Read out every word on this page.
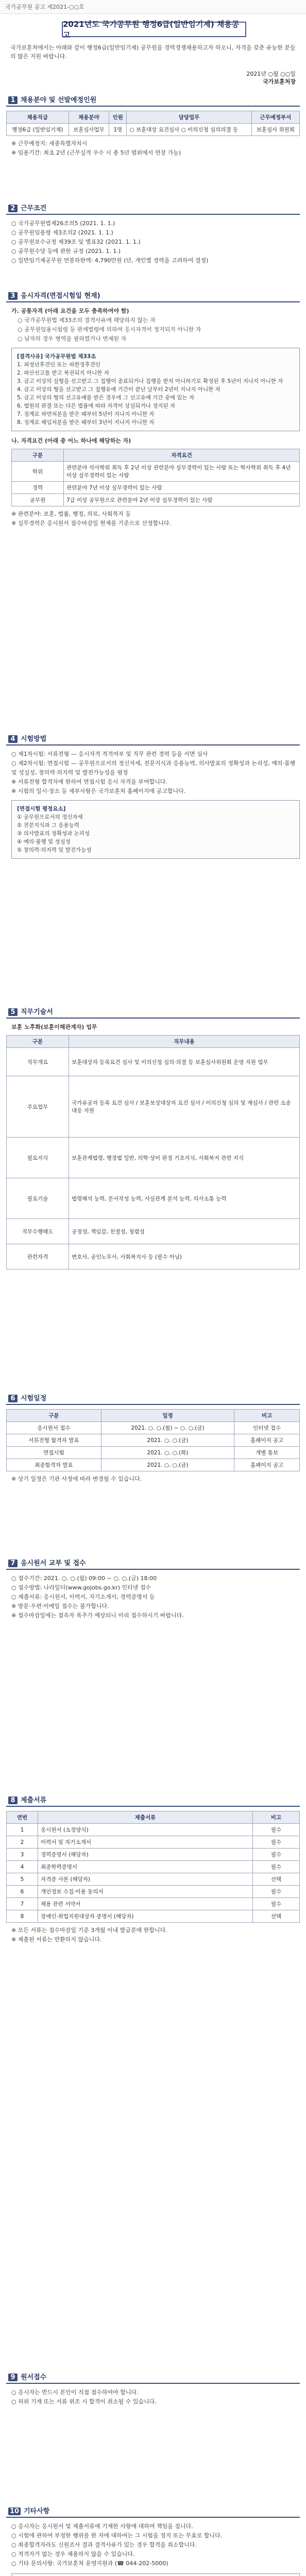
국가공무원 공고 제2021-○○호
2021년도 국가공무원 행정6급(일반임기제) 채용공고
국가보훈처에서는 아래와 같이 행정6급(일반임기제) 공무원을 경력경쟁채용하고자 하오니, 자격을 갖춘 유능한 분들의 많은 지원 바랍니다.
2021년 ○월 ○○일
국가보훈처장
1 채용분야 및 선발예정인원
채용직급	채용분야	인원	담당업무	근무예정부서
행정6급 (일반임기제)	보훈심사업무	1명	○ 보훈대상 요건심사 ○ 이의신청 심의의결 등	보훈심사 위원회
※ 근무예정지: 세종특별자치시
※ 임용기간: 최초 2년 (근무실적 우수 시 총 5년 범위에서 연장 가능)
2 근무조건
○ 국가공무원법제26조의5 (2021. 1. 1.)
○ 공무원임용령 제3조의2 (2021. 1. 1.)
○ 공무원보수규정 제39조 및 별표32 (2021. 1. 1.)
○ 공무원수당 등에 관한 규정 (2021. 1. 1.)
○ 일반임기제공무원 연봉하한액: 4,790만원 (단, 개인별 경력을 고려하여 결정)
3 응시자격(면접시험일 현재)
가. 공통자격 (아래 요건을 모두 충족하여야 함)
○ 국가공무원법 제33조의 결격사유에 해당하지 않는 자
○ 공무원임용시험령 등 관계법령에 의하여 응시자격이 정지되지 아니한 자
○ 남자의 경우 병역을 필하였거나 면제된 자
[결격사유] 국가공무원법 제33조
1. 피성년후견인 또는 피한정후견인
2. 파산선고를 받고 복권되지 아니한 자
3. 금고 이상의 실형을 선고받고 그 집행이 종료되거나 집행을 받지 아니하기로 확정된 후 5년이 지나지 아니한 자
4. 금고 이상의 형을 선고받고 그 집행유예 기간이 끝난 날부터 2년이 지나지 아니한 자
5. 금고 이상의 형의 선고유예를 받은 경우에 그 선고유예 기간 중에 있는 자
6. 법원의 판결 또는 다른 법률에 따라 자격이 상실되거나 정지된 자
7. 징계로 파면처분을 받은 때부터 5년이 지나지 아니한 자
8. 징계로 해임처분을 받은 때부터 3년이 지나지 아니한 자
나. 자격요건 (아래 중 어느 하나에 해당하는 자)
구분	자격요건
학위	관련분야 석사학위 취득 후 2년 이상 관련분야 실무경력이 있는 사람 또는 학사학위 취득 후 4년 이상 실무경력이 있는 사람
경력	관련분야 7년 이상 실무경력이 있는 사람
공무원	7급 이상 공무원으로 관련분야 2년 이상 실무경력이 있는 사람
※ 관련분야: 보훈, 법률, 행정, 의료, 사회복지 등
※ 실무경력은 응시원서 접수마감일 현재를 기준으로 산정합니다.
4 시험방법
○ 제1차시험: 서류전형 — 응시자격 적격여부 및 직무 관련 경력 등을 서면 심사
○ 제2차시험: 면접시험 — 공무원으로서의 정신자세, 전문지식과 응용능력, 의사발표의 정확성과 논리성, 예의·품행 및 성실성, 창의력·의지력 및 발전가능성을 평정
※ 서류전형 합격자에 한하여 면접시험 응시 자격을 부여합니다.
※ 시험의 일시·장소 등 세부사항은 국가보훈처 홈페이지에 공고합니다.
[면접시험 평정요소]
① 공무원으로서의 정신자세
② 전문지식과 그 응용능력
③ 의사발표의 정확성과 논리성
④ 예의·품행 및 성실성
⑤ 창의력·의지력 및 발전가능성
5 직무기술서
보훈 노후화(보훈이해관계자) 업무
구분	직무내용
직무개요	보훈대상자 등록요건 심사 및 이의신청 심의·의결 등 보훈심사위원회 운영 지원 업무
주요업무	국가유공자 등록 요건 심사 / 보훈보상대상자 요건 심사 / 이의신청 심의 및 재심사 / 관련 소송 대응 지원
필요지식	보훈관계법령, 행정법 일반, 의학·상이 판정 기초지식, 사회복지 관련 지식
필요기술	법령해석 능력, 문서작성 능력, 사실관계 분석 능력, 의사소통 능력
직무수행태도	공정성, 책임감, 친절성, 청렴성
관련자격	변호사, 공인노무사, 사회복지사 등 (필수 아님)
6 시험일정
구분	일정	비고
응시원서 접수	2021. ○. ○.(월) ~ ○. ○.(금)	인터넷 접수
서류전형 합격자 발표	2021. ○. ○.(금)	홈페이지 공고
면접시험	2021. ○. ○.(화)	개별 통보
최종합격자 발표	2021. ○. ○.(금)	홈페이지 공고
※ 상기 일정은 기관 사정에 따라 변경될 수 있습니다.
7 응시원서 교부 및 접수
○ 접수기간: 2021. ○. ○.(월) 09:00 ~ ○. ○.(금) 18:00
○ 접수방법: 나라일터(www.gojobs.go.kr) 인터넷 접수
○ 제출서류: 응시원서, 이력서, 자기소개서, 경력증명서 등
※ 방문·우편·이메일 접수는 불가합니다.
※ 접수마감일에는 접속자 폭주가 예상되니 미리 접수하시기 바랍니다.
8 제출서류
연번	제출서류	비고
1	응시원서 (소정양식)	필수
2	이력서 및 자기소개서	필수
3	경력증명서 (해당자)	필수
4	최종학력증명서	필수
5	자격증 사본 (해당자)	선택
6	개인정보 수집·이용 동의서	필수
7	채용 관련 서약서	필수
8	장애인·취업지원대상자 증명서 (해당자)	선택
※ 모든 서류는 접수마감일 기준 3개월 이내 발급분에 한합니다.
※ 제출된 서류는 반환하지 않습니다.
9 원서접수
○ 응시자는 반드시 본인이 직접 접수하여야 합니다.
○ 허위 기재 또는 서류 위조 시 합격이 취소될 수 있습니다.
10 기타사항
○ 응시자는 응시원서 및 제출서류에 기재한 사항에 대하여 책임을 집니다.
○ 시험에 관하여 부정한 행위를 한 자에 대하여는 그 시험을 정지 또는 무효로 합니다.
○ 최종합격자라도 신원조사 결과 결격사유가 있는 경우 합격을 취소합니다.
○ 적격자가 없는 경우 채용하지 않을 수 있습니다.
○ 기타 문의사항: 국가보훈처 운영지원과 (☎ 044-202-5000)
